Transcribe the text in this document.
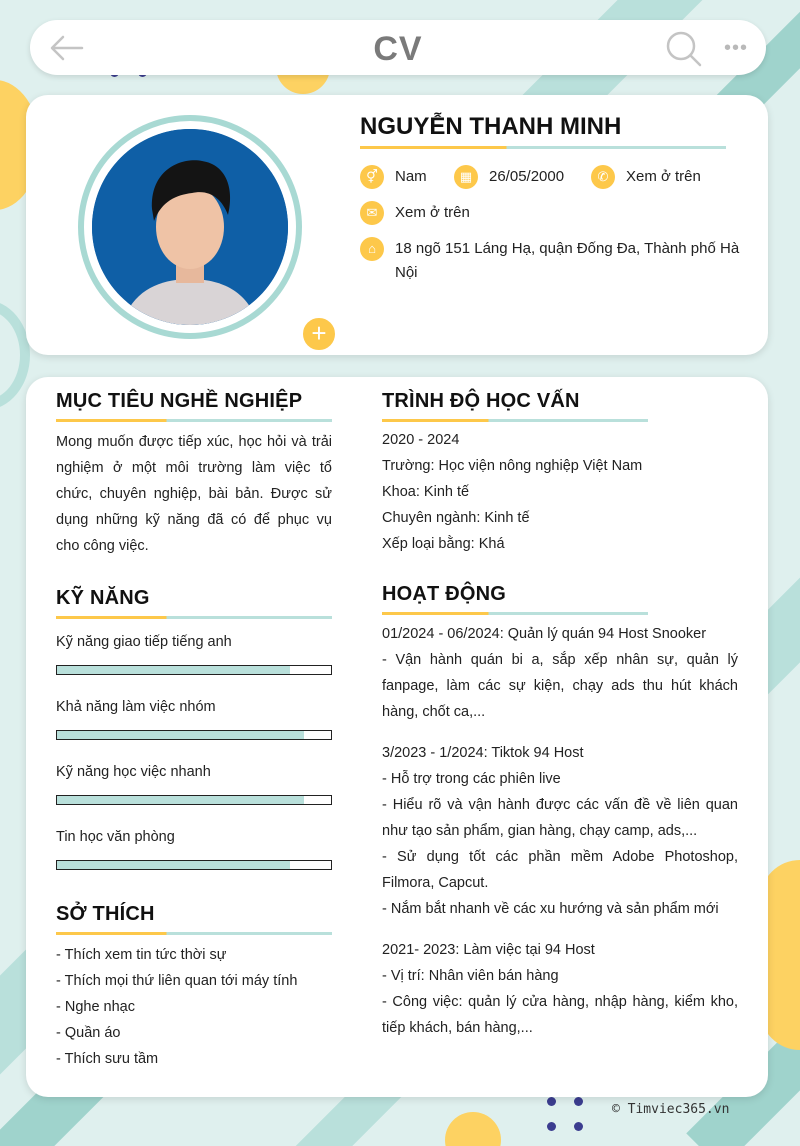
CV	•••
+
NGUYỄN THANH MINH
⚥	Nam	▦	26/05/2000	✆	Xem ở trên
✉	Xem ở trên
⌂	18 ngõ 151 Láng Hạ, quận Đống Đa, Thành phố Hà
Nội
MỤC TIÊU NGHỀ NGHIỆP
Mong muốn được tiếp xúc, học hỏi và trải
nghiệm ở một môi trường làm việc tổ
chức, chuyên nghiệp, bài bản. Được sử
dụng những kỹ năng đã có để phục vụ
cho công việc.
KỸ NĂNG
Kỹ năng giao tiếp tiếng anh
Khả năng làm việc nhóm
Kỹ năng học việc nhanh
Tin học văn phòng
SỞ THÍCH
- Thích xem tin tức thời sự
- Thích mọi thứ liên quan tới máy tính
- Nghe nhạc
- Quần áo
- Thích sưu tầm
TRÌNH ĐỘ HỌC VẤN
2020 - 2024
Trường: Học viện nông nghiệp Việt Nam
Khoa: Kinh tế
Chuyên ngành: Kinh tế
Xếp loại bằng: Khá
HOẠT ĐỘNG
01/2024 - 06/2024: Quản lý quán 94 Host Snooker
- Vận hành quán bi a, sắp xếp nhân sự, quản lý
fanpage, làm các sự kiện, chạy ads thu hút khách
hàng, chốt ca,...
3/2023 - 1/2024: Tiktok 94 Host
- Hỗ trợ trong các phiên live
- Hiểu rõ và vận hành được các vấn đề về liên quan
như tạo sản phẩm, gian hàng, chạy camp, ads,...
- Sử dụng tốt các phần mềm Adobe Photoshop,
Filmora, Capcut.
- Nắm bắt nhanh về các xu hướng và sản phẩm mới
2021- 2023: Làm việc tại 94 Host
- Vị trí: Nhân viên bán hàng
- Công việc: quản lý cửa hàng, nhập hàng, kiểm kho,
tiếp khách, bán hàng,...
© Timviec365.vn
